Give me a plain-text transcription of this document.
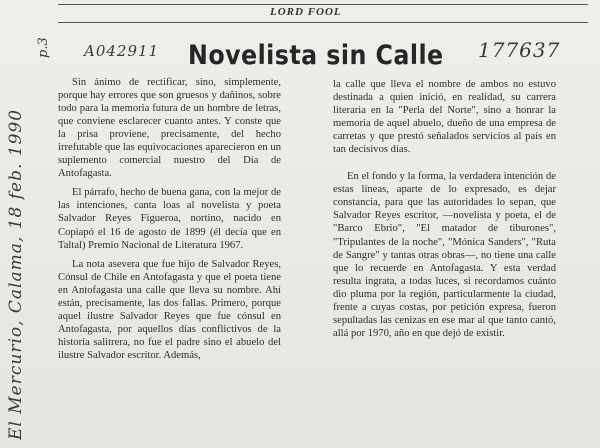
LORD FOOL
A042911	177637
p.3
El Mercurio, Calama, 18 feb. 1990
Novelista sin Calle

Sin ánimo de rectificar, sino, simplemente, porque hay errores que son gruesos y dañinos, sobre todo para la memoria futura de un hombre de letras, que conviene esclarecer cuanto antes. Y conste que la prisa proviene, precisamente, del hecho irrefutable que las equivocaciones aparecieron en un suplemento comercial nuestro del Día de Antofagasta.

El párrafo, hecho de buena gana, con la mejor de las intenciones, canta loas al novelista y poeta Salvador Reyes Figueroa, nortino, nacido en Copiapó el 16 de agosto de 1899 (él decía que en Taltal) Premio Nacional de Literatura 1967.

La nota asevera que fue hijo de Salvador Reyes, Cónsul de Chile en Antofagasta y que el poeta tiene en Antofagasta una calle que lleva su nombre. Ahí están, precisamente, las dos fallas. Primero, porque aquel ilustre Salvador Reyes que fue cónsul en Antofagasta, por aquellos días conflictivos de la historia salitrera, no fue el padre sino el abuelo del ilustre Salvador escritor. Además,

la calle que lleva el nombre de ambos no estuvo destinada a quien inició, en realidad, su carrera literaria en la "Perla del Norte", sino a honrar la memoria de aquel abuelo, dueño de una empresa de carretas y que prestó señalados servicios al país en tan decisivos días.

En el fondo y la forma, la verdadera intención de estas líneas, aparte de lo expresado, es dejar constancia, para que las autoridades lo sepan, que Salvador Reyes escritor, —novelista y poeta, el de "Barco Ebrio", "El matador de tiburones", "Tripulantes de la noche", "Mónica Sanders", "Ruta de Sangre" y tantas otras obras—, no tiene una calle que lo recuerde en Antofagasta. Y esta verdad resulta ingrata, a todas luces, si recordamos cuánto dio pluma por la región, particularmente la ciudad, frente a cuyas costas, por petición expresa, fueron sepultadas las cenizas en ese mar al que tanto cantó, allá por 1970, año en que dejó de existir.
